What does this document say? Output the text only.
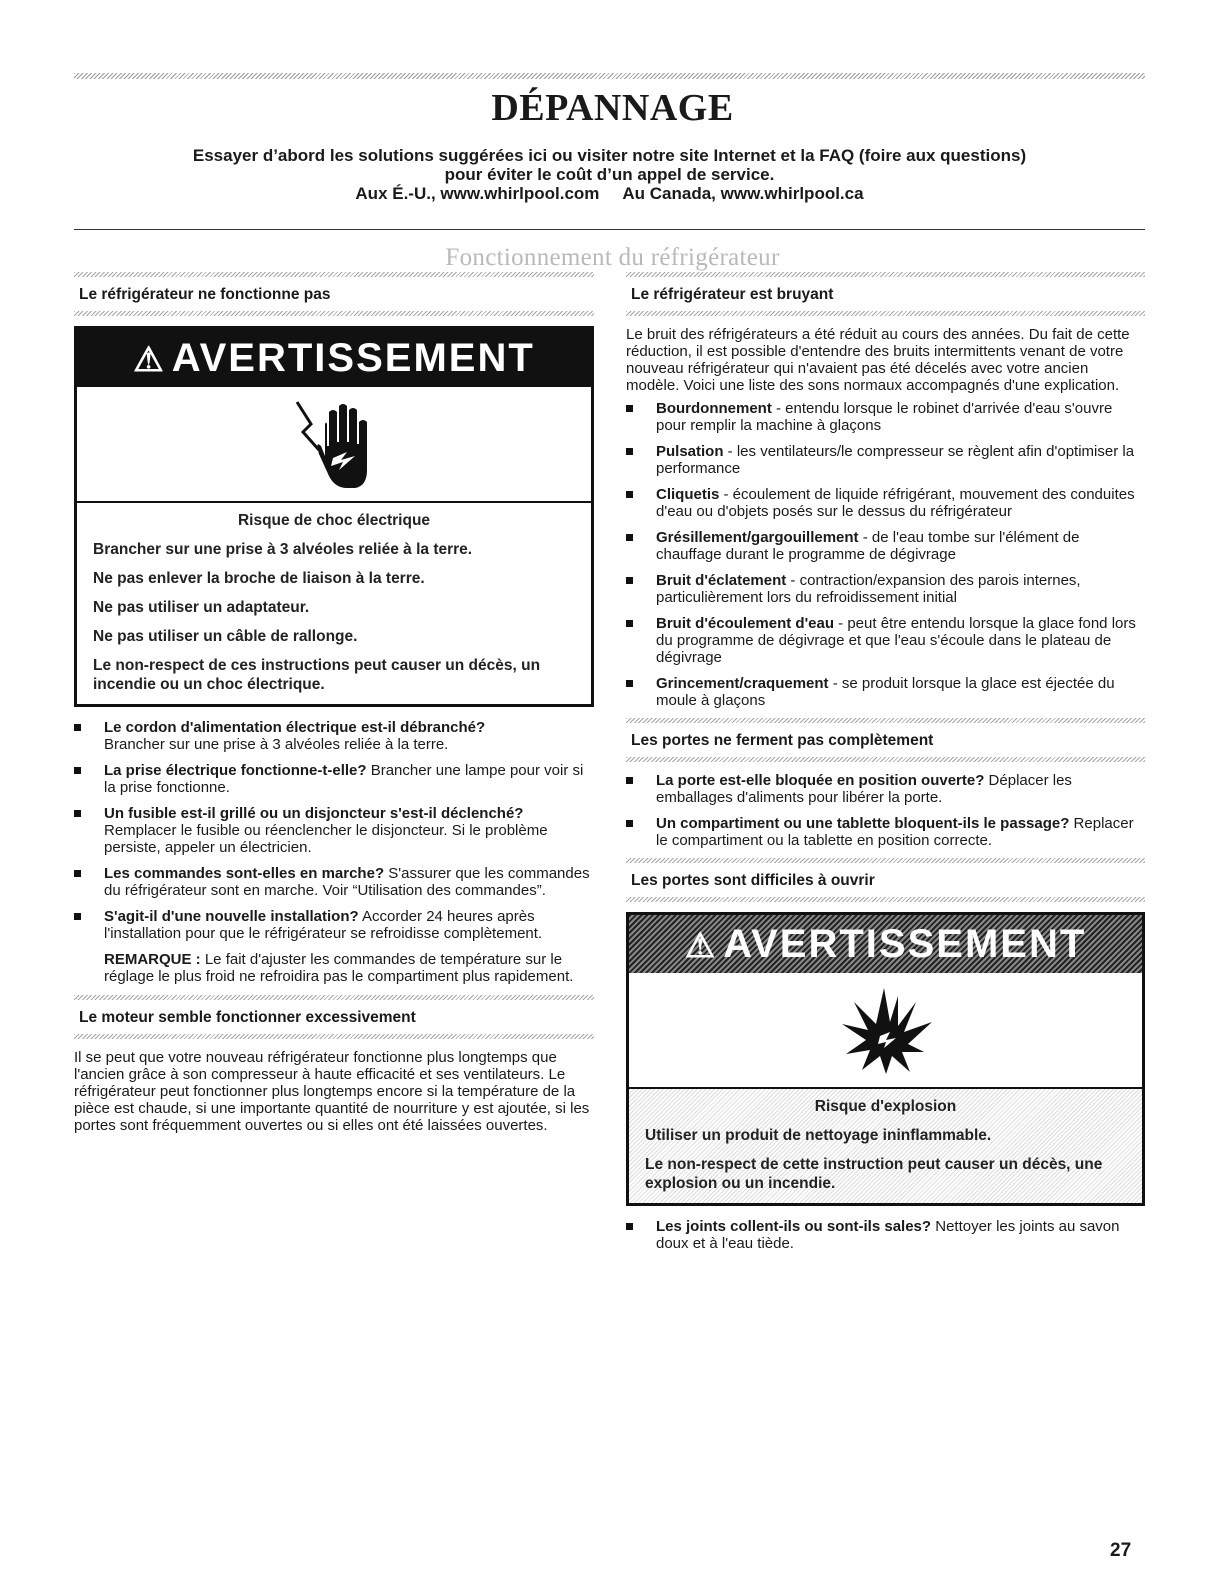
DÉPANNAGE
Essayer d’abord les solutions suggérées ici ou visiter notre site Internet et la FAQ (foire aux questions)
pour éviter le coût d’un appel de service.
Aux É.-U., www.whirlpool.com     Au Canada, www.whirlpool.ca
Fonctionnement du réfrigérateur
Le réfrigérateur ne fonctionne pas
⚠ AVERTISSEMENT
Risque de choc électrique

Brancher sur une prise à 3 alvéoles reliée à la terre.

Ne pas enlever la broche de liaison à la terre.

Ne pas utiliser un adaptateur.

Ne pas utiliser un câble de rallonge.

Le non-respect de ces instructions peut causer un décès, un incendie ou un choc électrique.

Le cordon d'alimentation électrique est-il débranché?
Brancher sur une prise à 3 alvéoles reliée à la terre.
La prise électrique fonctionne-t-elle? Brancher une lampe pour voir si la prise fonctionne.
Un fusible est-il grillé ou un disjoncteur s'est-il déclenché? Remplacer le fusible ou réenclencher le disjoncteur. Si le problème persiste, appeler un électricien.
Les commandes sont-elles en marche? S'assurer que les commandes du réfrigérateur sont en marche. Voir “Utilisation des commandes”.
S'agit-il d'une nouvelle installation? Accorder 24 heures après l'installation pour que le réfrigérateur se refroidisse complètement.
REMARQUE : Le fait d'ajuster les commandes de température sur le réglage le plus froid ne refroidira pas le compartiment plus rapidement.
Le moteur semble fonctionner excessivement

Il se peut que votre nouveau réfrigérateur fonctionne plus longtemps que l'ancien grâce à son compresseur à haute efficacité et ses ventilateurs. Le réfrigérateur peut fonctionner plus longtemps encore si la température de la pièce est chaude, si une importante quantité de nourriture y est ajoutée, si les portes sont fréquemment ouvertes ou si elles ont été laissées ouvertes.

Le réfrigérateur est bruyant

Le bruit des réfrigérateurs a été réduit au cours des années. Du fait de cette réduction, il est possible d'entendre des bruits intermittents venant de votre nouveau réfrigérateur qui n'avaient pas été décelés avec votre ancien modèle. Voici une liste des sons normaux accompagnés d'une explication.

Bourdonnement - entendu lorsque le robinet d'arrivée d'eau s'ouvre pour remplir la machine à glaçons
Pulsation - les ventilateurs/le compresseur se règlent afin d'optimiser la performance
Cliquetis - écoulement de liquide réfrigérant, mouvement des conduites d'eau ou d'objets posés sur le dessus du réfrigérateur
Grésillement/gargouillement - de l'eau tombe sur l'élément de chauffage durant le programme de dégivrage
Bruit d'éclatement - contraction/expansion des parois internes, particulièrement lors du refroidissement initial
Bruit d'écoulement d'eau - peut être entendu lorsque la glace fond lors du programme de dégivrage et que l'eau s'écoule dans le plateau de dégivrage
Grincement/craquement - se produit lorsque la glace est éjectée du moule à glaçons
Les portes ne ferment pas complètement
La porte est-elle bloquée en position ouverte? Déplacer les emballages d'aliments pour libérer la porte.
Un compartiment ou une tablette bloquent-ils le passage? Replacer le compartiment ou la tablette en position correcte.
Les portes sont difficiles à ouvrir
⚠ AVERTISSEMENT
Risque d'explosion

Utiliser un produit de nettoyage ininflammable.

Le non-respect de cette instruction peut causer un décès, une explosion ou un incendie.

Les joints collent-ils ou sont-ils sales? Nettoyer les joints au savon doux et à l'eau tiède.
27
